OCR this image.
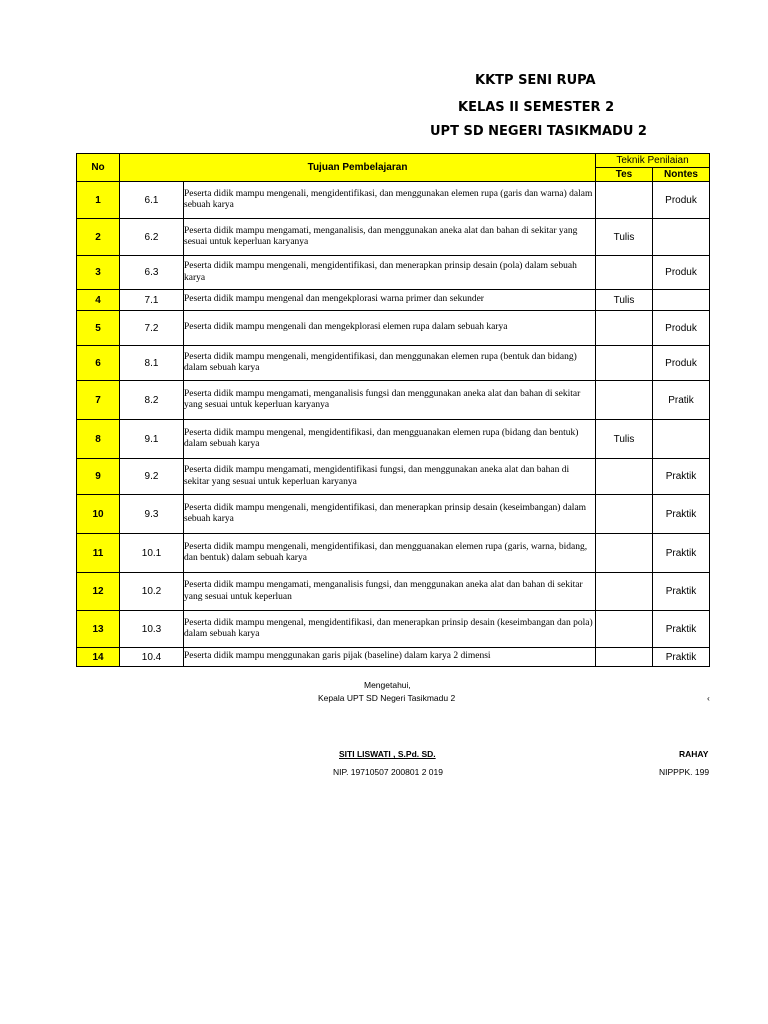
KKTP SENI RUPA
KELAS II SEMESTER 2
UPT SD NEGERI TASIKMADU 2
No	Tujuan Pembelajaran		Teknik Penilaian	
			Tes	Nontes
1	6.1	Peserta didik mampu mengenali, mengidentifikasi, dan menggunakan elemen rupa (garis dan warna) dalam sebuah karya		Produk
2	6.2	Peserta didik mampu mengamati, menganalisis, dan menggunakan aneka alat dan bahan di sekitar yang sesuai untuk keperluan karyanya	Tulis	
3	6.3	Peserta didik mampu mengenali, mengidentifikasi, dan menerapkan prinsip desain (pola) dalam sebuah karya		Produk
4	7.1	Peserta didik mampu mengenal dan mengekplorasi warna primer dan sekunder	Tulis	
5	7.2	Peserta didik mampu mengenali dan mengekplorasi elemen rupa dalam sebuah karya		Produk
6	8.1	Peserta didik mampu mengenali, mengidentifikasi, dan menggunakan elemen rupa (bentuk dan bidang) dalam sebuah karya		Produk
7	8.2	Peserta didik mampu mengamati, menganalisis fungsi dan menggunakan aneka alat dan bahan di sekitar yang sesuai untuk keperluan karyanya		Pratik
8	9.1	Peserta didik mampu mengenal, mengidentifikasi, dan mengguanakan elemen rupa (bidang dan bentuk) dalam sebuah karya	Tulis	
9	9.2	Peserta didik mampu mengamati, mengidentifikasi fungsi, dan menggunakan aneka alat dan bahan di sekitar yang sesuai untuk keperluan karyanya		Praktik
10	9.3	Peserta didik mampu mengenali, mengidentifikasi, dan menerapkan prinsip desain (keseimbangan) dalam sebuah karya		Praktik
11	10.1	Peserta didik mampu mengenali, mengidentifikasi, dan mengguanakan elemen rupa (garis, warna, bidang, dan bentuk) dalam sebuah karya		Praktik
12	10.2	Peserta didik mampu mengamati, menganalisis fungsi, dan menggunakan aneka alat dan bahan di sekitar yang sesuai untuk keperluan		Praktik
13	10.3	Peserta didik mampu mengenal, mengidentifikasi, dan menerapkan prinsip desain (keseimbangan dan pola) dalam sebuah karya		Praktik
14	10.4	Peserta didik mampu menggunakan garis pijak (baseline) dalam karya 2 dimensi		Praktik
Mengetahui,
Kepala UPT SD Negeri Tasikmadu 2	‹
SITI LISWATI , S.Pd. SD.
NIP. 19710507 200801 2 019
RAHAY
NIPPPK. 199
